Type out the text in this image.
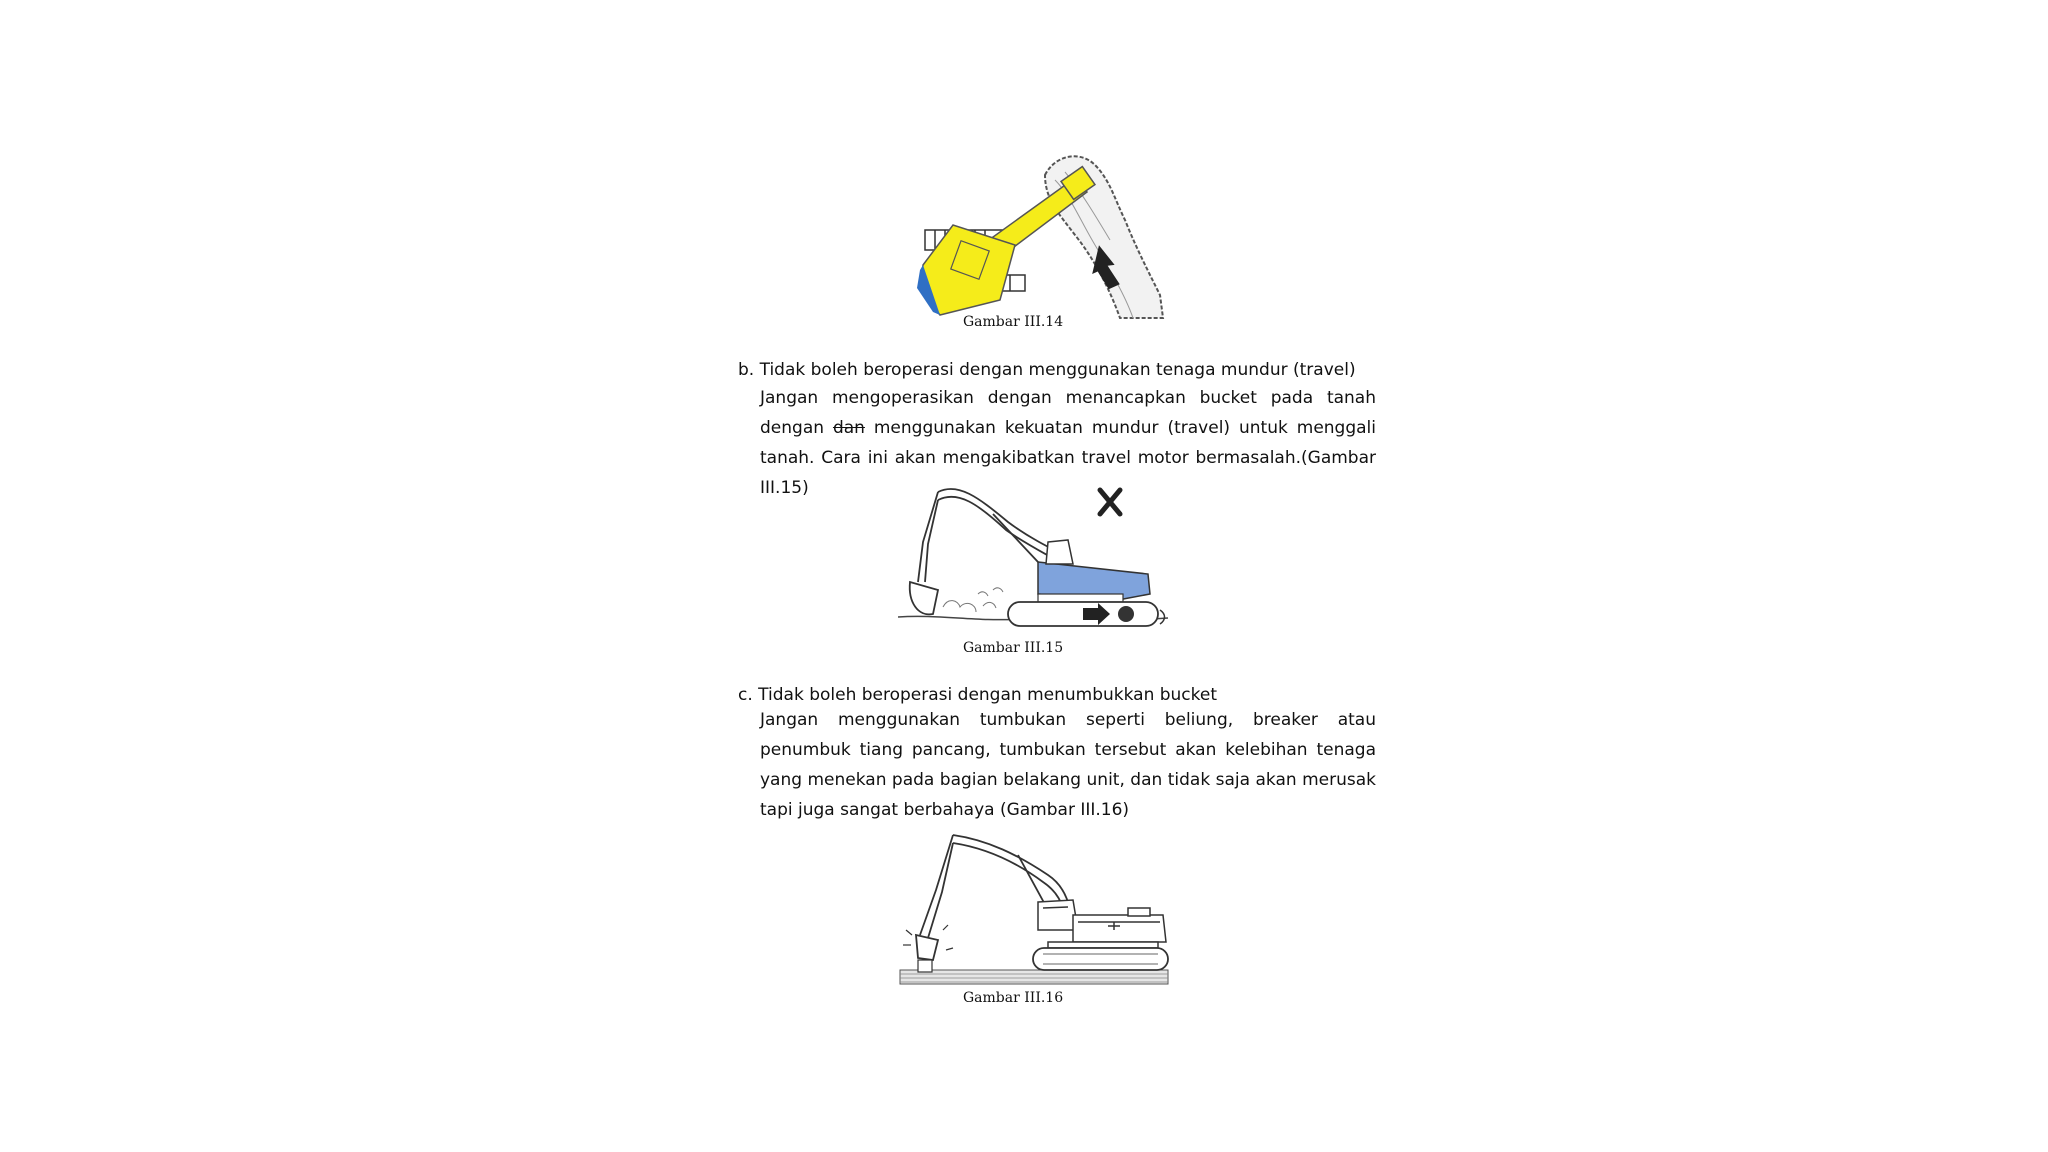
Gambar III.14
b. Tidak boleh beroperasi dengan menggunakan tenaga mundur (travel)

Jangan mengoperasikan dengan menancapkan bucket pada tanah dengan dan menggunakan kekuatan mundur (travel) untuk menggali tanah. Cara ini akan mengakibatkan travel motor bermasalah.(Gambar III.15)

Gambar III.15
c. Tidak boleh beroperasi dengan menumbukkan bucket

Jangan menggunakan tumbukan seperti beliung, breaker atau penumbuk tiang pancang, tumbukan tersebut akan kelebihan tenaga yang menekan pada bagian belakang unit, dan tidak saja akan merusak tapi juga sangat berbahaya (Gambar III.16)

Gambar III.16
